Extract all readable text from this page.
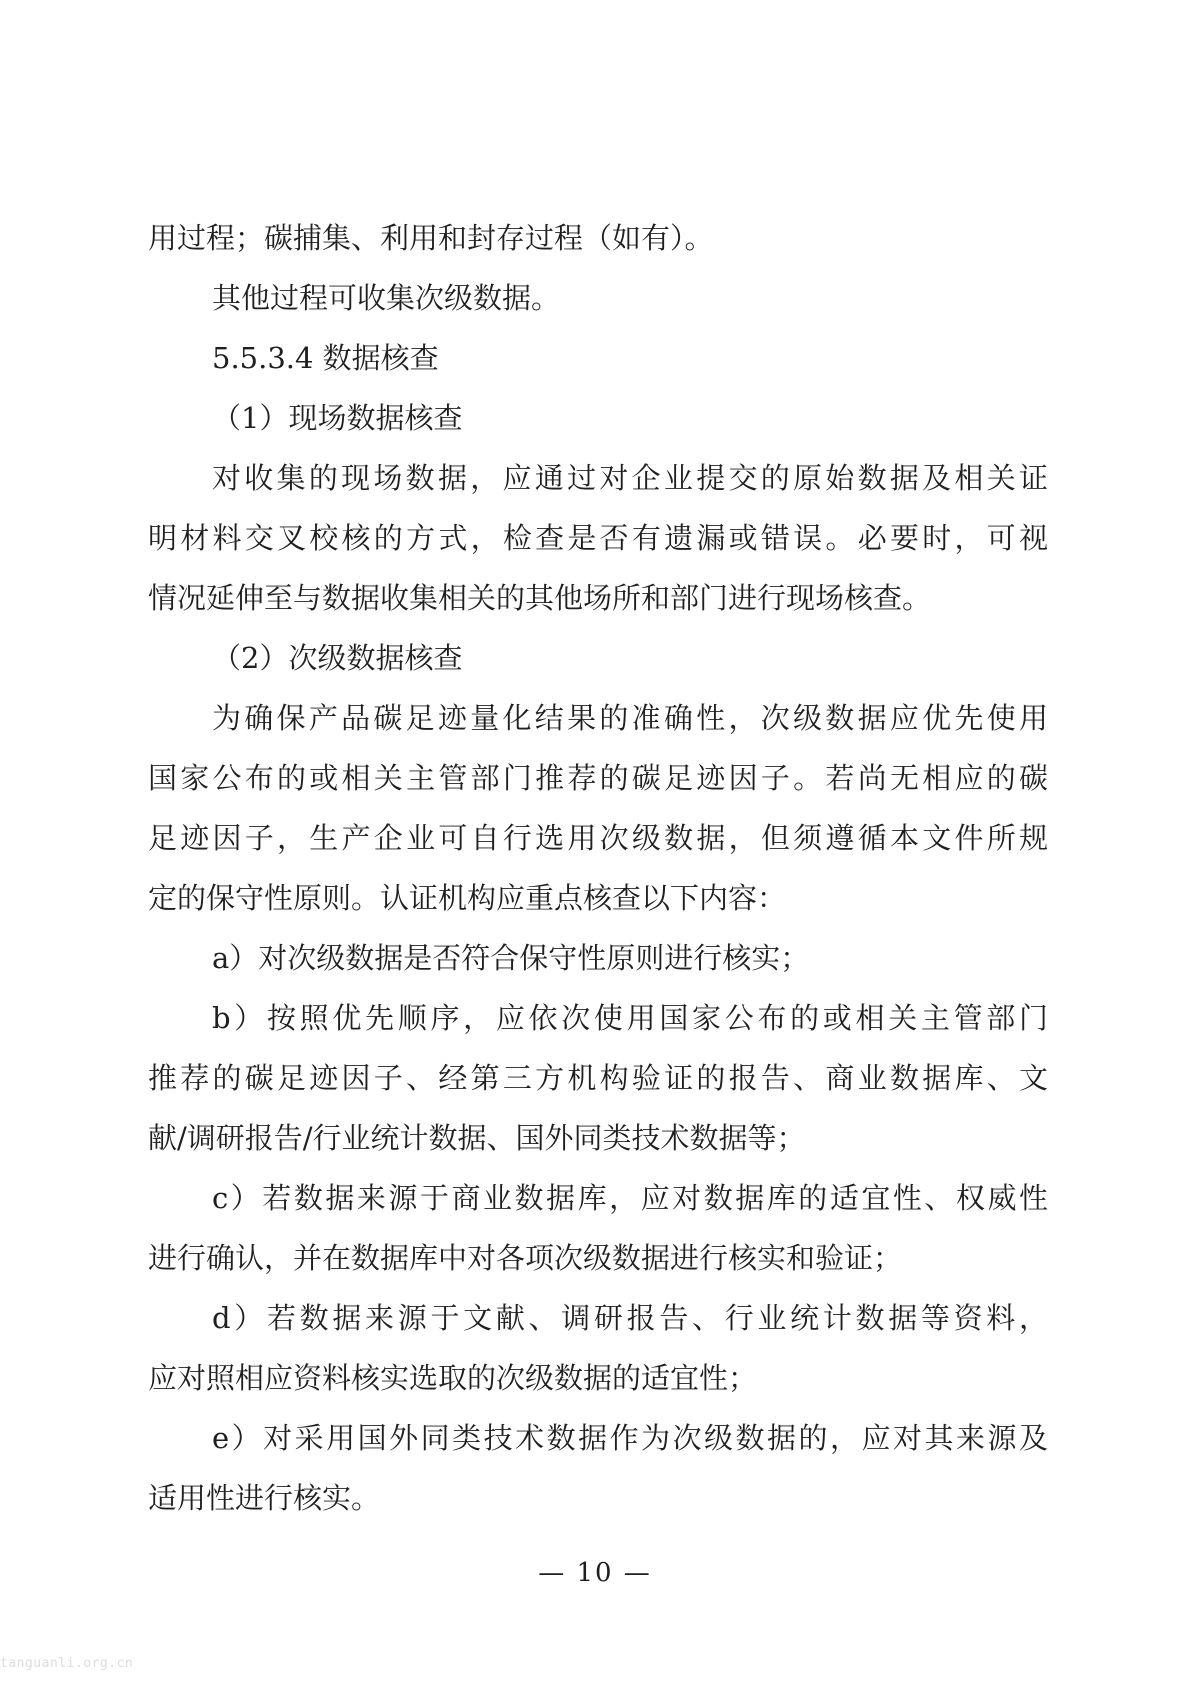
用过程；碳捕集、利用和封存过程（如有）。
其他过程可收集次级数据。
5.5.3.4 数据核查
（1）现场数据核查
对收集的现场数据，应通过对企业提交的原始数据及相关证
明材料交叉校核的方式，检查是否有遗漏或错误。必要时，可视
情况延伸至与数据收集相关的其他场所和部门进行现场核查。
（2）次级数据核查
为确保产品碳足迹量化结果的准确性，次级数据应优先使用
国家公布的或相关主管部门推荐的碳足迹因子。若尚无相应的碳
足迹因子，生产企业可自行选用次级数据，但须遵循本文件所规
定的保守性原则。认证机构应重点核查以下内容：
a）对次级数据是否符合保守性原则进行核实；
b）按照优先顺序，应依次使用国家公布的或相关主管部门
推荐的碳足迹因子、经第三方机构验证的报告、商业数据库、文
献/调研报告/行业统计数据、国外同类技术数据等；
c）若数据来源于商业数据库，应对数据库的适宜性、权威性
进行确认，并在数据库中对各项次级数据进行核实和验证；
d）若数据来源于文献、调研报告、行业统计数据等资料，
应对照相应资料核实选取的次级数据的适宜性；
e）对采用国外同类技术数据作为次级数据的，应对其来源及
适用性进行核实。
— 10 —
tanguanli.org.cn
